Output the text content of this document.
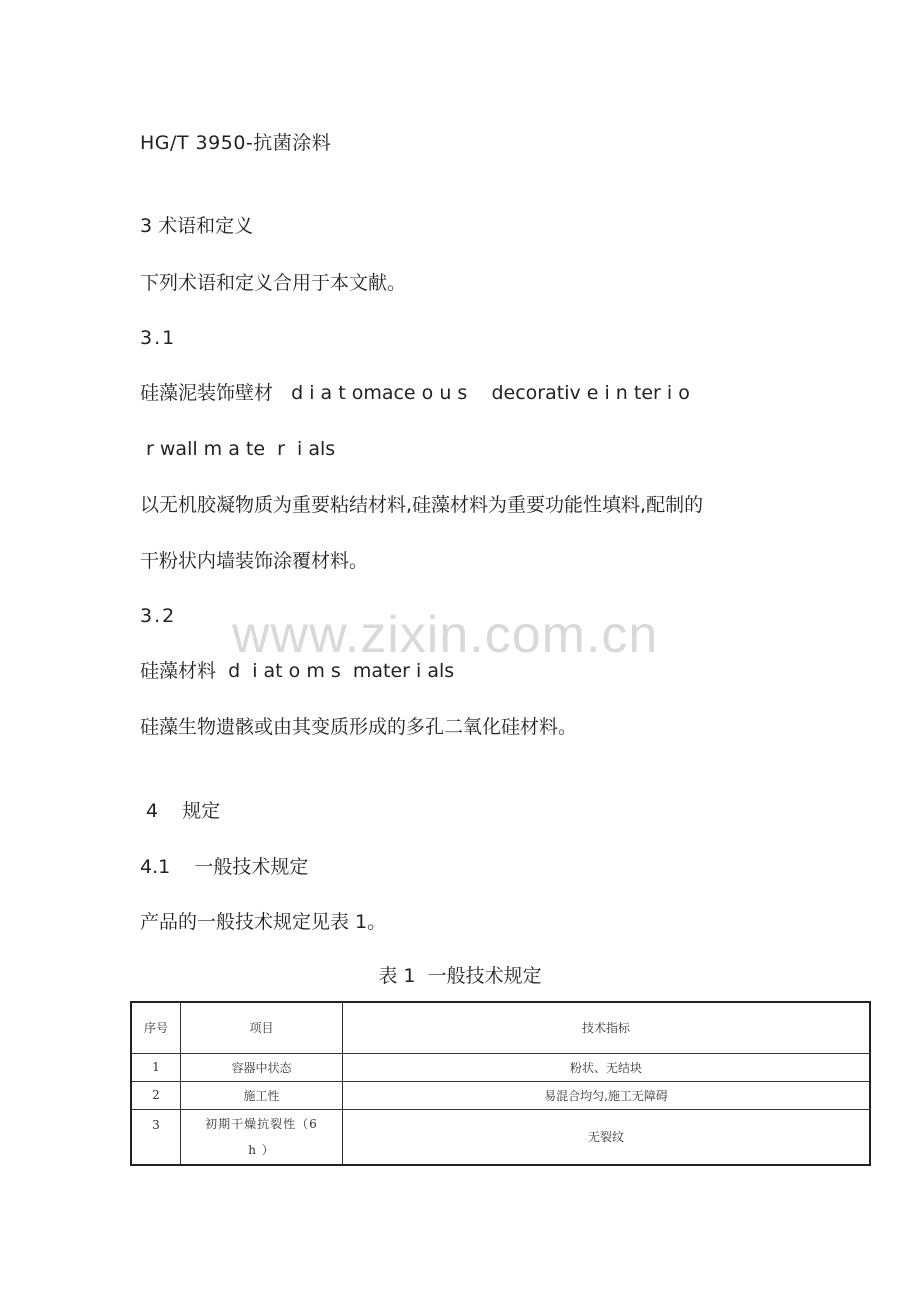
HG/T 3950-抗菌涂料

3 术语和定义

下列术语和定义合用于本文献。

3.1

硅藻泥装饰壁材   d i a t omace o u s    decorativ e i n ter i o

r wall m a te  r  i als

以无机胶凝物质为重要粘结材料,硅藻材料为重要功能性填料,配制的

干粉状内墙装饰涂覆材料。

www.zixin.com.cn

3.2

硅藻材料  d  i at o m s  mater i als

硅藻生物遗骸或由其变质形成的多孔二氧化硅材料。

4    规定

4.1    一般技术规定

产品的一般技术规定见表 1。

表 1  一般技术规定
序号	项目	技术指标
1	容器中状态	粉状、无结块
2	施工性	易混合均匀,施工无障碍
3	初期干燥抗裂性（6
h ）	无裂纹
